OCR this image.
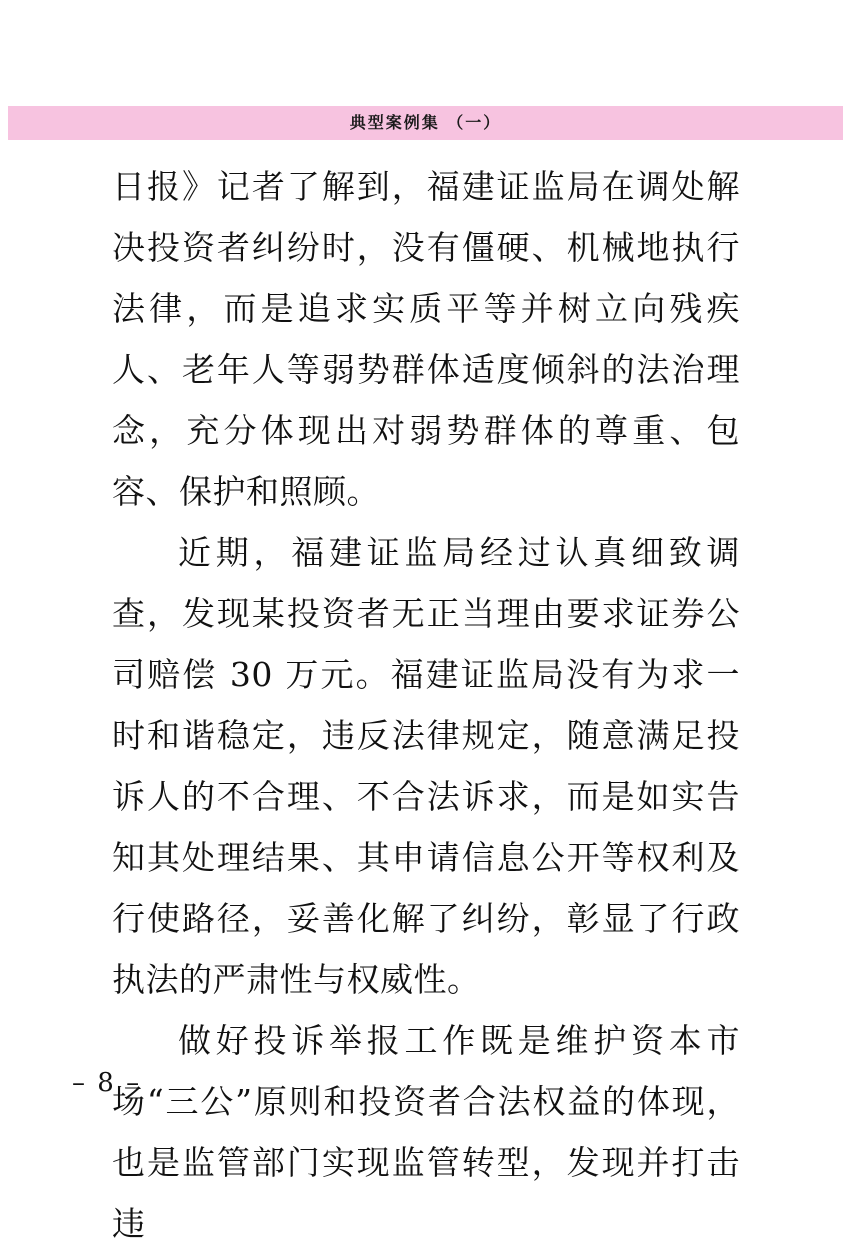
典型案例集 （一）

日报》记者了解到，福建证监局在调处解决投资者纠纷时，没有僵硬、机械地执行法律，而是追求实质平等并树立向残疾人、老年人等弱势群体适度倾斜的法治理念，充分体现出对弱势群体的尊重、包容、保护和照顾。

近期，福建证监局经过认真细致调查，发现某投资者无正当理由要求证券公司赔偿 30 万元。福建证监局没有为求一时和谐稳定，违反法律规定，随意满足投诉人的不合理、不合法诉求，而是如实告知其处理结果、其申请信息公开等权利及行使路径，妥善化解了纠纷，彰显了行政执法的严肃性与权威性。

做好投诉举报工作既是维护资本市场“三公”原则和投资者合法权益的体现，也是监管部门实现监管转型，发现并打击违

– 8 –
